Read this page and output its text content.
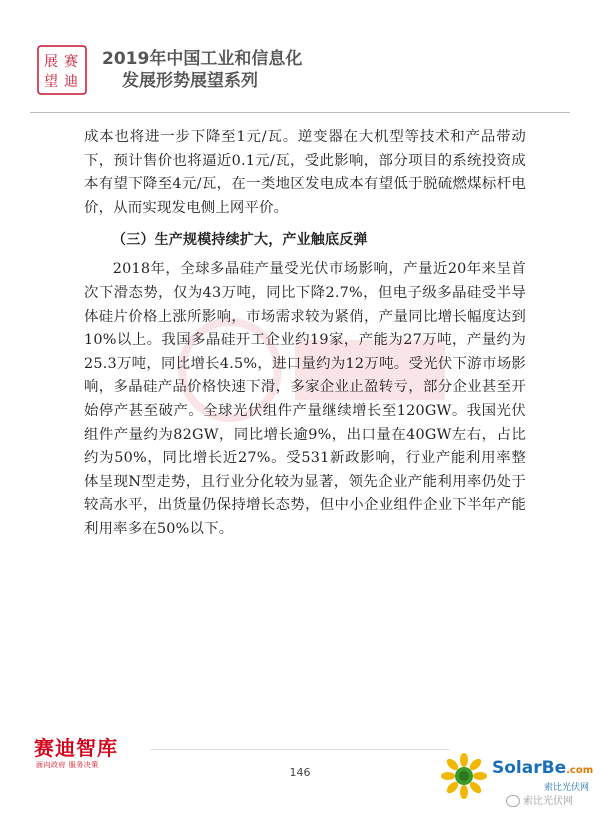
展 赛
望 迪
2019年中国工业和信息化
发展形势展望系列

成本也将进一步下降至1元/瓦。逆变器在大机型等技术和产品带动下，预计售价也将逼近0.1元/瓦，受此影响，部分项目的系统投资成本有望下降至4元/瓦，在一类地区发电成本有望低于脱硫燃煤标杆电价，从而实现发电侧上网平价。

（三）生产规模持续扩大，产业触底反弹

2018年，全球多晶硅产量受光伏市场影响，产量近20年来呈首次下滑态势，仅为43万吨，同比下降2.7%，但电子级多晶硅受半导体硅片价格上涨所影响，市场需求较为紧俏，产量同比增长幅度达到10%以上。我国多晶硅开工企业约19家，产能为27万吨，产量约为25.3万吨，同比增长4.5%，进口量约为12万吨。受光伏下游市场影响，多晶硅产品价格快速下滑，多家企业止盈转亏，部分企业甚至开始停产甚至破产。全球光伏组件产量继续增长至120GW。我国光伏组件产量约为82GW，同比增长逾9%，出口量在40GW左右，占比约为50%，同比增长近27%。受531新政影响，行业产能利用率整体呈现N型走势，且行业分化较为显著，领先企业产能利用率仍处于较高水平，出货量仍保持增长态势，但中小企业组件企业下半年产能利用率多在50%以下。

赛迪智库
面向政府 服务决策
146	SolarBe.com
索比光伏网
索比光伏网
